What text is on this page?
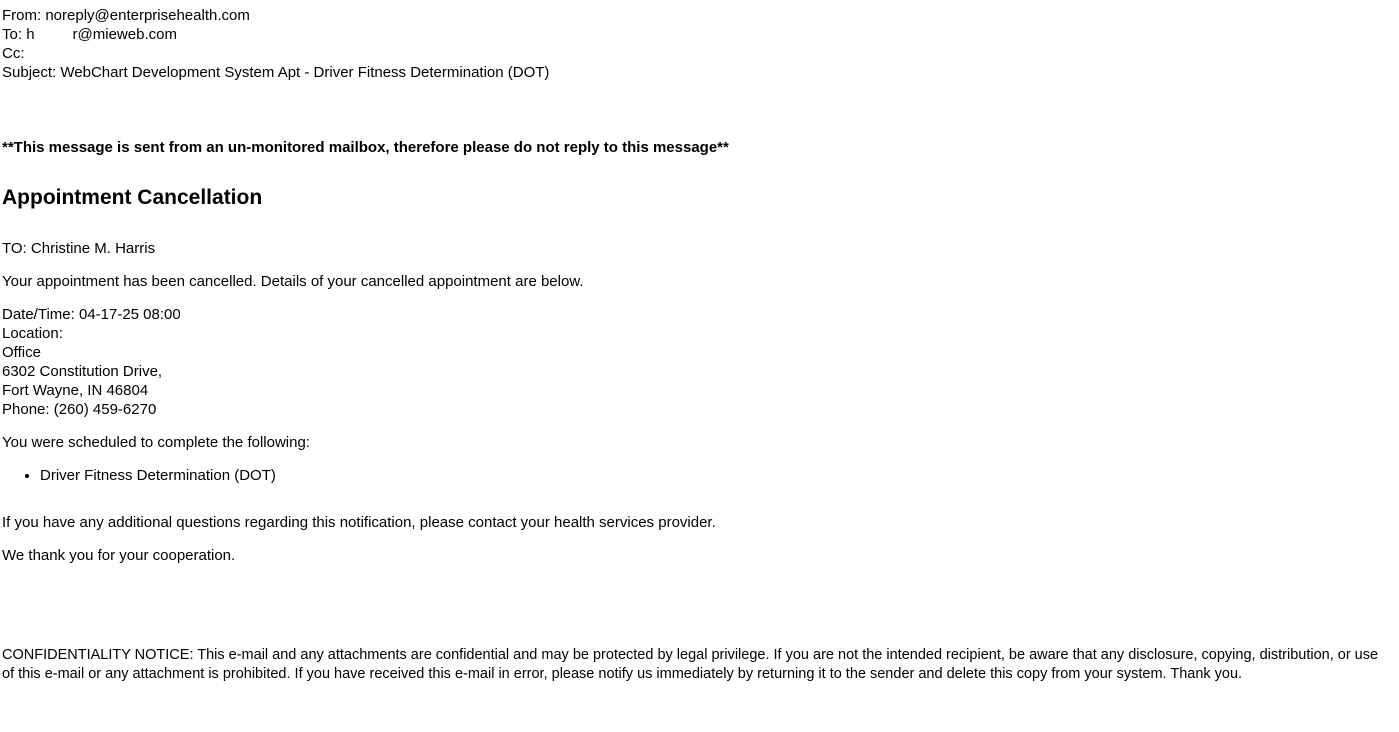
From: noreply@enterprisehealth.com
To: h	r@mieweb.com
Cc:
Subject: WebChart Development System Apt - Driver Fitness Determination (DOT)
**This message is sent from an un-monitored mailbox, therefore please do not reply to this message**
Appointment Cancellation

TO: Christine M. Harris

Your appointment has been cancelled. Details of your cancelled appointment are below.

Date/Time: 04-17-25 08:00
Location:
Office
6302 Constitution Drive,
Fort Wayne, IN 46804
Phone: (260) 459-6270

You were scheduled to complete the following:

• Driver Fitness Determination (DOT)

If you have any additional questions regarding this notification, please contact your health services provider.

We thank you for your cooperation.

CONFIDENTIALITY NOTICE: This e-mail and any attachments are confidential and may be protected by legal privilege. If you are not the intended recipient, be aware that any disclosure, copying, distribution, or use of this e-mail or any attachment is prohibited. If you have received this e-mail in error, please notify us immediately by returning it to the sender and delete this copy from your system. Thank you.
